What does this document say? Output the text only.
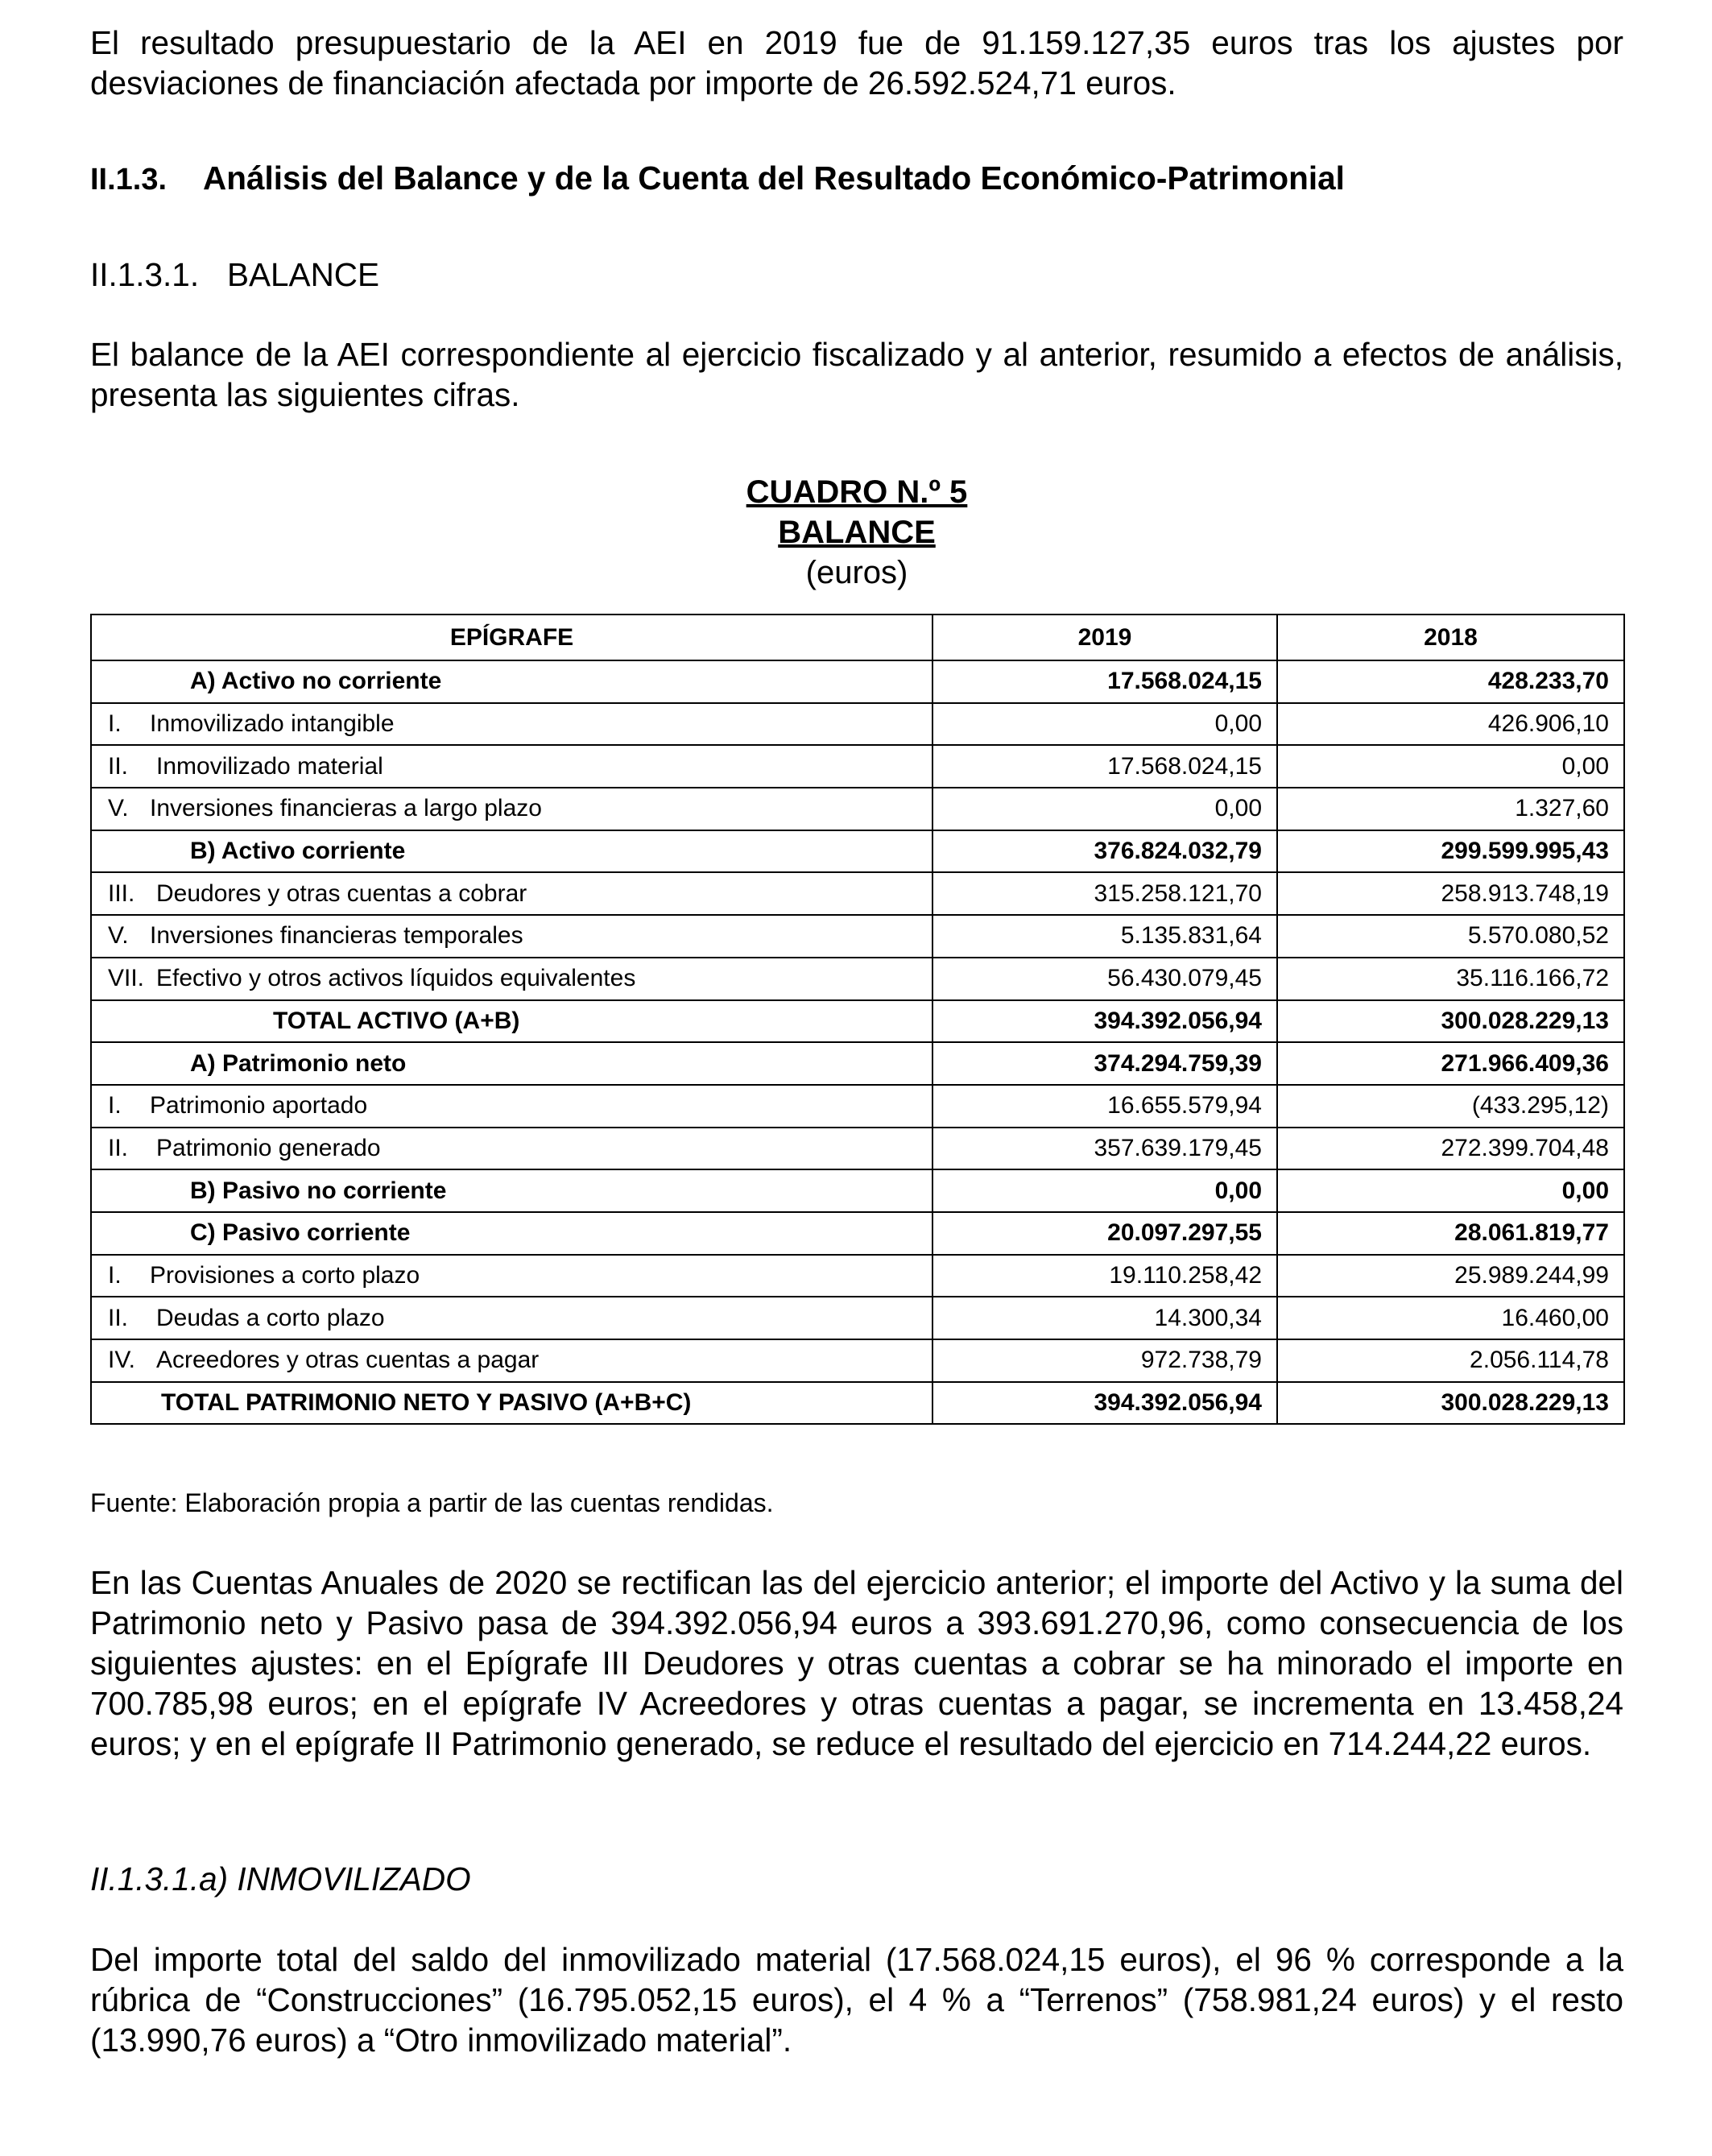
El resultado presupuestario de la AEI en 2019 fue de 91.159.127,35 euros tras los ajustes por desviaciones de financiación afectada por importe de 26.592.524,71 euros.

II.1.3. Análisis del Balance y de la Cuenta del Resultado Económico-Patrimonial
II.1.3.1. BALANCE

El balance de la AEI correspondiente al ejercicio fiscalizado y al anterior, resumido a efectos de análisis, presenta las siguientes cifras.

CUADRO N.º 5
BALANCE
(euros)
EPÍGRAFE	2019	2018
A) Activo no corriente	17.568.024,15	428.233,70
I. Inmovilizado intangible	0,00	426.906,10
II. Inmovilizado material	17.568.024,15	0,00
V. Inversiones financieras a largo plazo	0,00	1.327,60
B) Activo corriente	376.824.032,79	299.599.995,43
III. Deudores y otras cuentas a cobrar	315.258.121,70	258.913.748,19
V. Inversiones financieras temporales	5.135.831,64	5.570.080,52
VII. Efectivo y otros activos líquidos equivalentes	56.430.079,45	35.116.166,72
TOTAL ACTIVO (A+B)	394.392.056,94	300.028.229,13
A) Patrimonio neto	374.294.759,39	271.966.409,36
I. Patrimonio aportado	16.655.579,94	(433.295,12)
II. Patrimonio generado	357.639.179,45	272.399.704,48
B) Pasivo no corriente	0,00	0,00
C) Pasivo corriente	20.097.297,55	28.061.819,77
I. Provisiones a corto plazo	19.110.258,42	25.989.244,99
II. Deudas a corto plazo	14.300,34	16.460,00
IV. Acreedores y otras cuentas a pagar	972.738,79	2.056.114,78
TOTAL PATRIMONIO NETO Y PASIVO (A+B+C)	394.392.056,94	300.028.229,13
Fuente: Elaboración propia a partir de las cuentas rendidas.

En las Cuentas Anuales de 2020 se rectifican las del ejercicio anterior; el importe del Activo y la suma del Patrimonio neto y Pasivo pasa de 394.392.056,94 euros a 393.691.270,96, como consecuencia de los siguientes ajustes: en el Epígrafe III Deudores y otras cuentas a cobrar se ha minorado el importe en 700.785,98 euros; en el epígrafe IV Acreedores y otras cuentas a pagar, se incrementa en 13.458,24 euros; y en el epígrafe II Patrimonio generado, se reduce el resultado del ejercicio en 714.244,22 euros.

II.1.3.1.a) INMOVILIZADO

Del importe total del saldo del inmovilizado material (17.568.024,15 euros), el 96 % corresponde a la rúbrica de “Construcciones” (16.795.052,15 euros), el 4 % a “Terrenos” (758.981,24 euros) y el resto (13.990,76 euros) a “Otro inmovilizado material”.
